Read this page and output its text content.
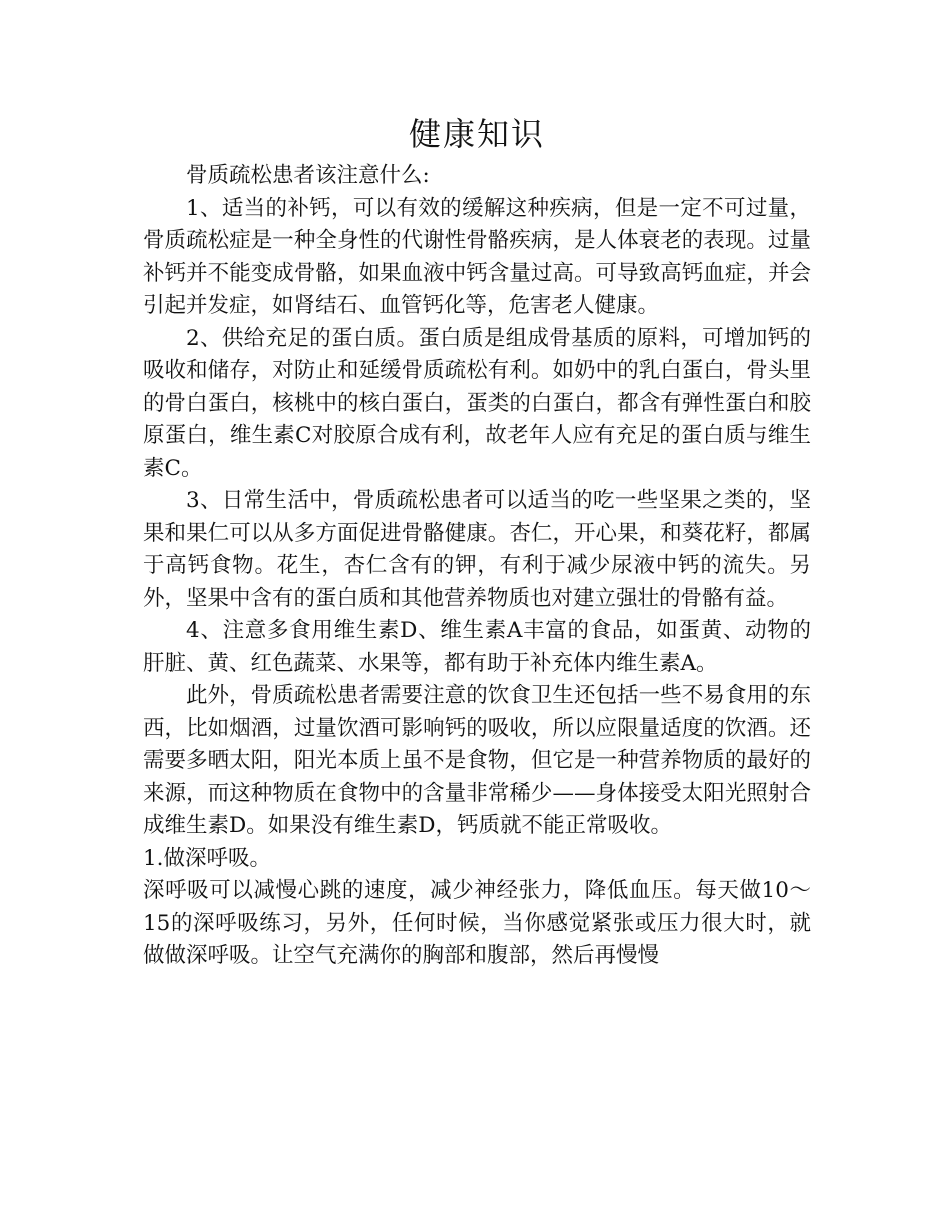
健康知识

骨质疏松患者该注意什么:

1、适当的补钙，可以有效的缓解这种疾病，但是一定不可过量，骨质疏松症是一种全身性的代谢性骨骼疾病，是人体衰老的表现。过量补钙并不能变成骨骼，如果血液中钙含量过高。可导致高钙血症，并会引起并发症，如肾结石、血管钙化等，危害老人健康。

2、供给充足的蛋白质。蛋白质是组成骨基质的原料，可增加钙的吸收和储存，对防止和延缓骨质疏松有利。如奶中的乳白蛋白，骨头里的骨白蛋白，核桃中的核白蛋白，蛋类的白蛋白，都含有弹性蛋白和胶原蛋白，维生素C对胶原合成有利，故老年人应有充足的蛋白质与维生素C。

3、日常生活中，骨质疏松患者可以适当的吃一些坚果之类的，坚果和果仁可以从多方面促进骨骼健康。杏仁，开心果，和葵花籽，都属于高钙食物。花生，杏仁含有的钾，有利于减少尿液中钙的流失。另外，坚果中含有的蛋白质和其他营养物质也对建立强壮的骨骼有益。

4、注意多食用维生素D、维生素A丰富的食品，如蛋黄、动物的肝脏、黄、红色蔬菜、水果等，都有助于补充体内维生素A。

此外，骨质疏松患者需要注意的饮食卫生还包括一些不易食用的东西，比如烟酒，过量饮酒可影响钙的吸收，所以应限量适度的饮酒。还需要多晒太阳，阳光本质上虽不是食物，但它是一种营养物质的最好的来源，而这种物质在食物中的含量非常稀少——身体接受太阳光照射合成维生素D。如果没有维生素D，钙质就不能正常吸收。

1.做深呼吸。

深呼吸可以减慢心跳的速度，减少神经张力，降低血压。每天做10～15的深呼吸练习，另外，任何时候，当你感觉紧张或压力很大时，就做做深呼吸。让空气充满你的胸部和腹部，然后再慢慢
